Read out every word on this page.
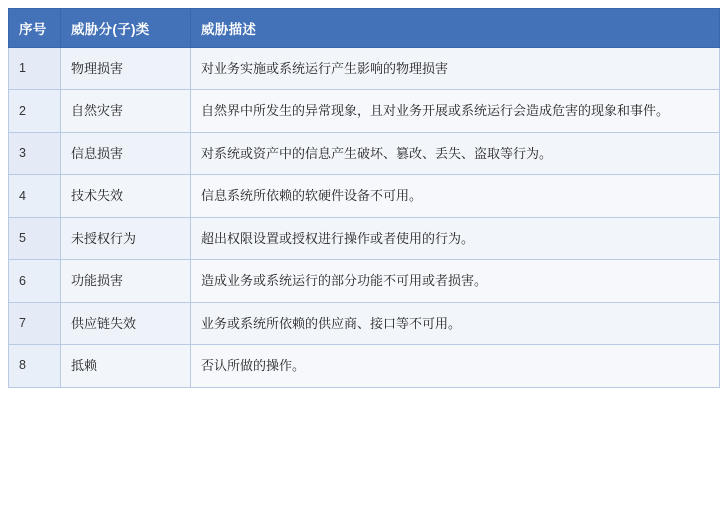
序号	威胁分(子)类	威胁描述
1	物理损害	对业务实施或系统运行产生影响的物理损害
2	自然灾害	自然界中所发生的异常现象，且对业务开展或系统运行会造成危害的现象和事件。
3	信息损害	对系统或资产中的信息产生破坏、篡改、丢失、盗取等行为。
4	技术失效	信息系统所依赖的软硬件设备不可用。
5	未授权行为	超出权限设置或授权进行操作或者使用的行为。
6	功能损害	造成业务或系统运行的部分功能不可用或者损害。
7	供应链失效	业务或系统所依赖的供应商、接口等不可用。
8	抵赖	否认所做的操作。
